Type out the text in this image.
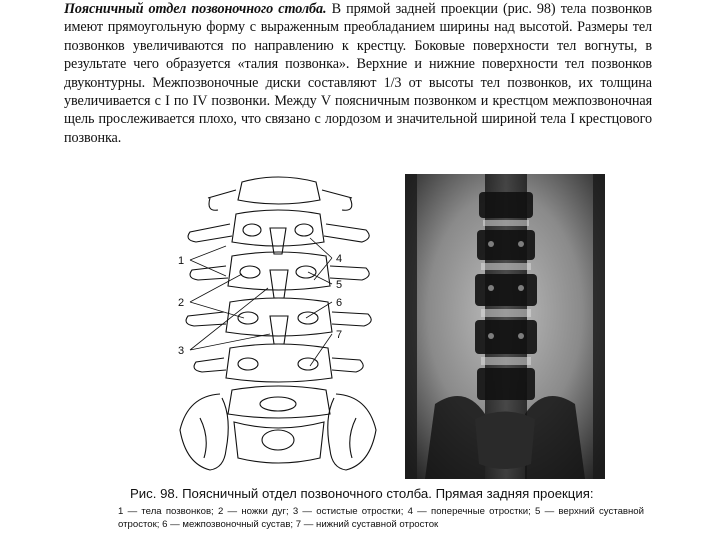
Поясничный отдел позвоночного столба. В прямой задней проекции (рис. 98) тела позвонков имеют прямоугольную форму с выраженным преобладанием ширины над высотой. Размеры тел позвонков увеличиваются по направлению к крестцу. Боковые поверхности тел вогнуты, в результате чего образуется «талия позвонка». Верхние и нижние поверхности тел позвонков двуконтурны. Межпозвоночные диски составляют 1/3 от высоты тел позвонков, их толщина увеличивается с I по IV позвонки. Между V поясничным позвонком и крестцом межпозвоночная щель прослеживается плохо, что связано с лордозом и значительной шириной тела I крестцового позвонка.

1
2
3
4
5
6
7

Рис. 98. Поясничный отдел позвоночного столба. Прямая задняя проекция:

1 — тела позвонков; 2 — ножки дуг; 3 — остистые отростки; 4 — поперечные отростки; 5 — верхний суставной отросток; 6 — межпозвоночный сустав; 7 — нижний суставной отросток
